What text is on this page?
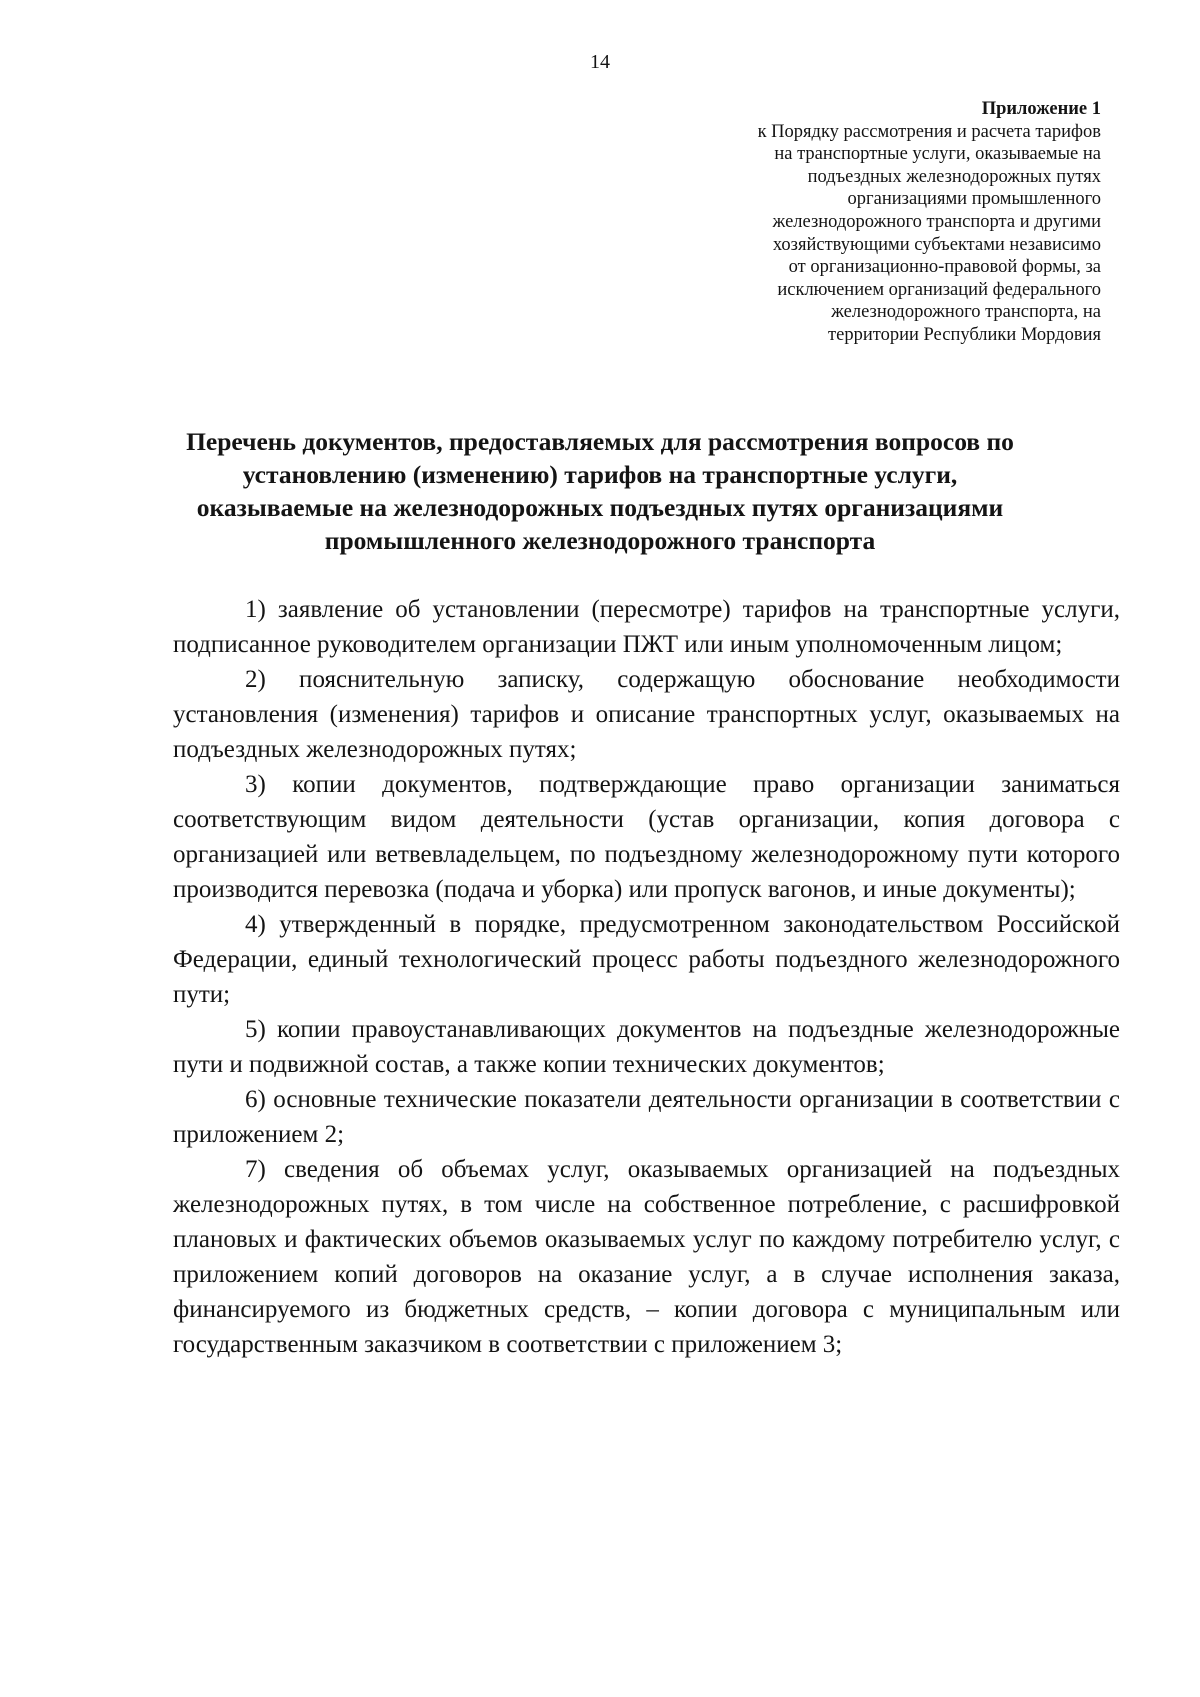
14

Приложение 1

к Порядку рассмотрения и расчета тарифов

на транспортные услуги, оказываемые на

подъездных железнодорожных путях

организациями промышленного

железнодорожного транспорта и другими

хозяйствующими субъектами независимо

от организационно-правовой формы, за

исключением организаций федерального

железнодорожного транспорта, на

территории Республики Мордовия

Перечень документов, предоставляемых для рассмотрения вопросов по
установлению (изменению) тарифов на транспортные услуги,
оказываемые на железнодорожных подъездных путях организациями
промышленного железнодорожного транспорта

1) заявление об установлении (пересмотре) тарифов на транспортные услуги, подписанное руководителем организации ПЖТ или иным уполномоченным лицом;

2) пояснительную записку, содержащую обоснование необходимости установления (изменения) тарифов и описание транспортных услуг, оказываемых на подъездных железнодорожных путях;

3) копии документов, подтверждающие право организации заниматься соответствующим видом деятельности (устав организации, копия договора с организацией или ветвевладельцем, по подъездному железнодорожному пути которого производится перевозка (подача и уборка) или пропуск вагонов, и иные документы);

4) утвержденный в порядке, предусмотренном законодательством Российской Федерации, единый технологический процесс работы подъездного железнодорожного пути;

5) копии правоустанавливающих документов на подъездные железнодорожные пути и подвижной состав, а также копии технических документов;

6) основные технические показатели деятельности организации в соответствии с приложением 2;

7) сведения об объемах услуг, оказываемых организацией на подъездных железнодорожных путях, в том числе на собственное потребление, с расшифровкой плановых и фактических объемов оказываемых услуг по каждому потребителю услуг, с приложением копий договоров на оказание услуг, а в случае исполнения заказа, финансируемого из бюджетных средств, – копии договора с муниципальным или государственным заказчиком в соответствии с приложением 3;
